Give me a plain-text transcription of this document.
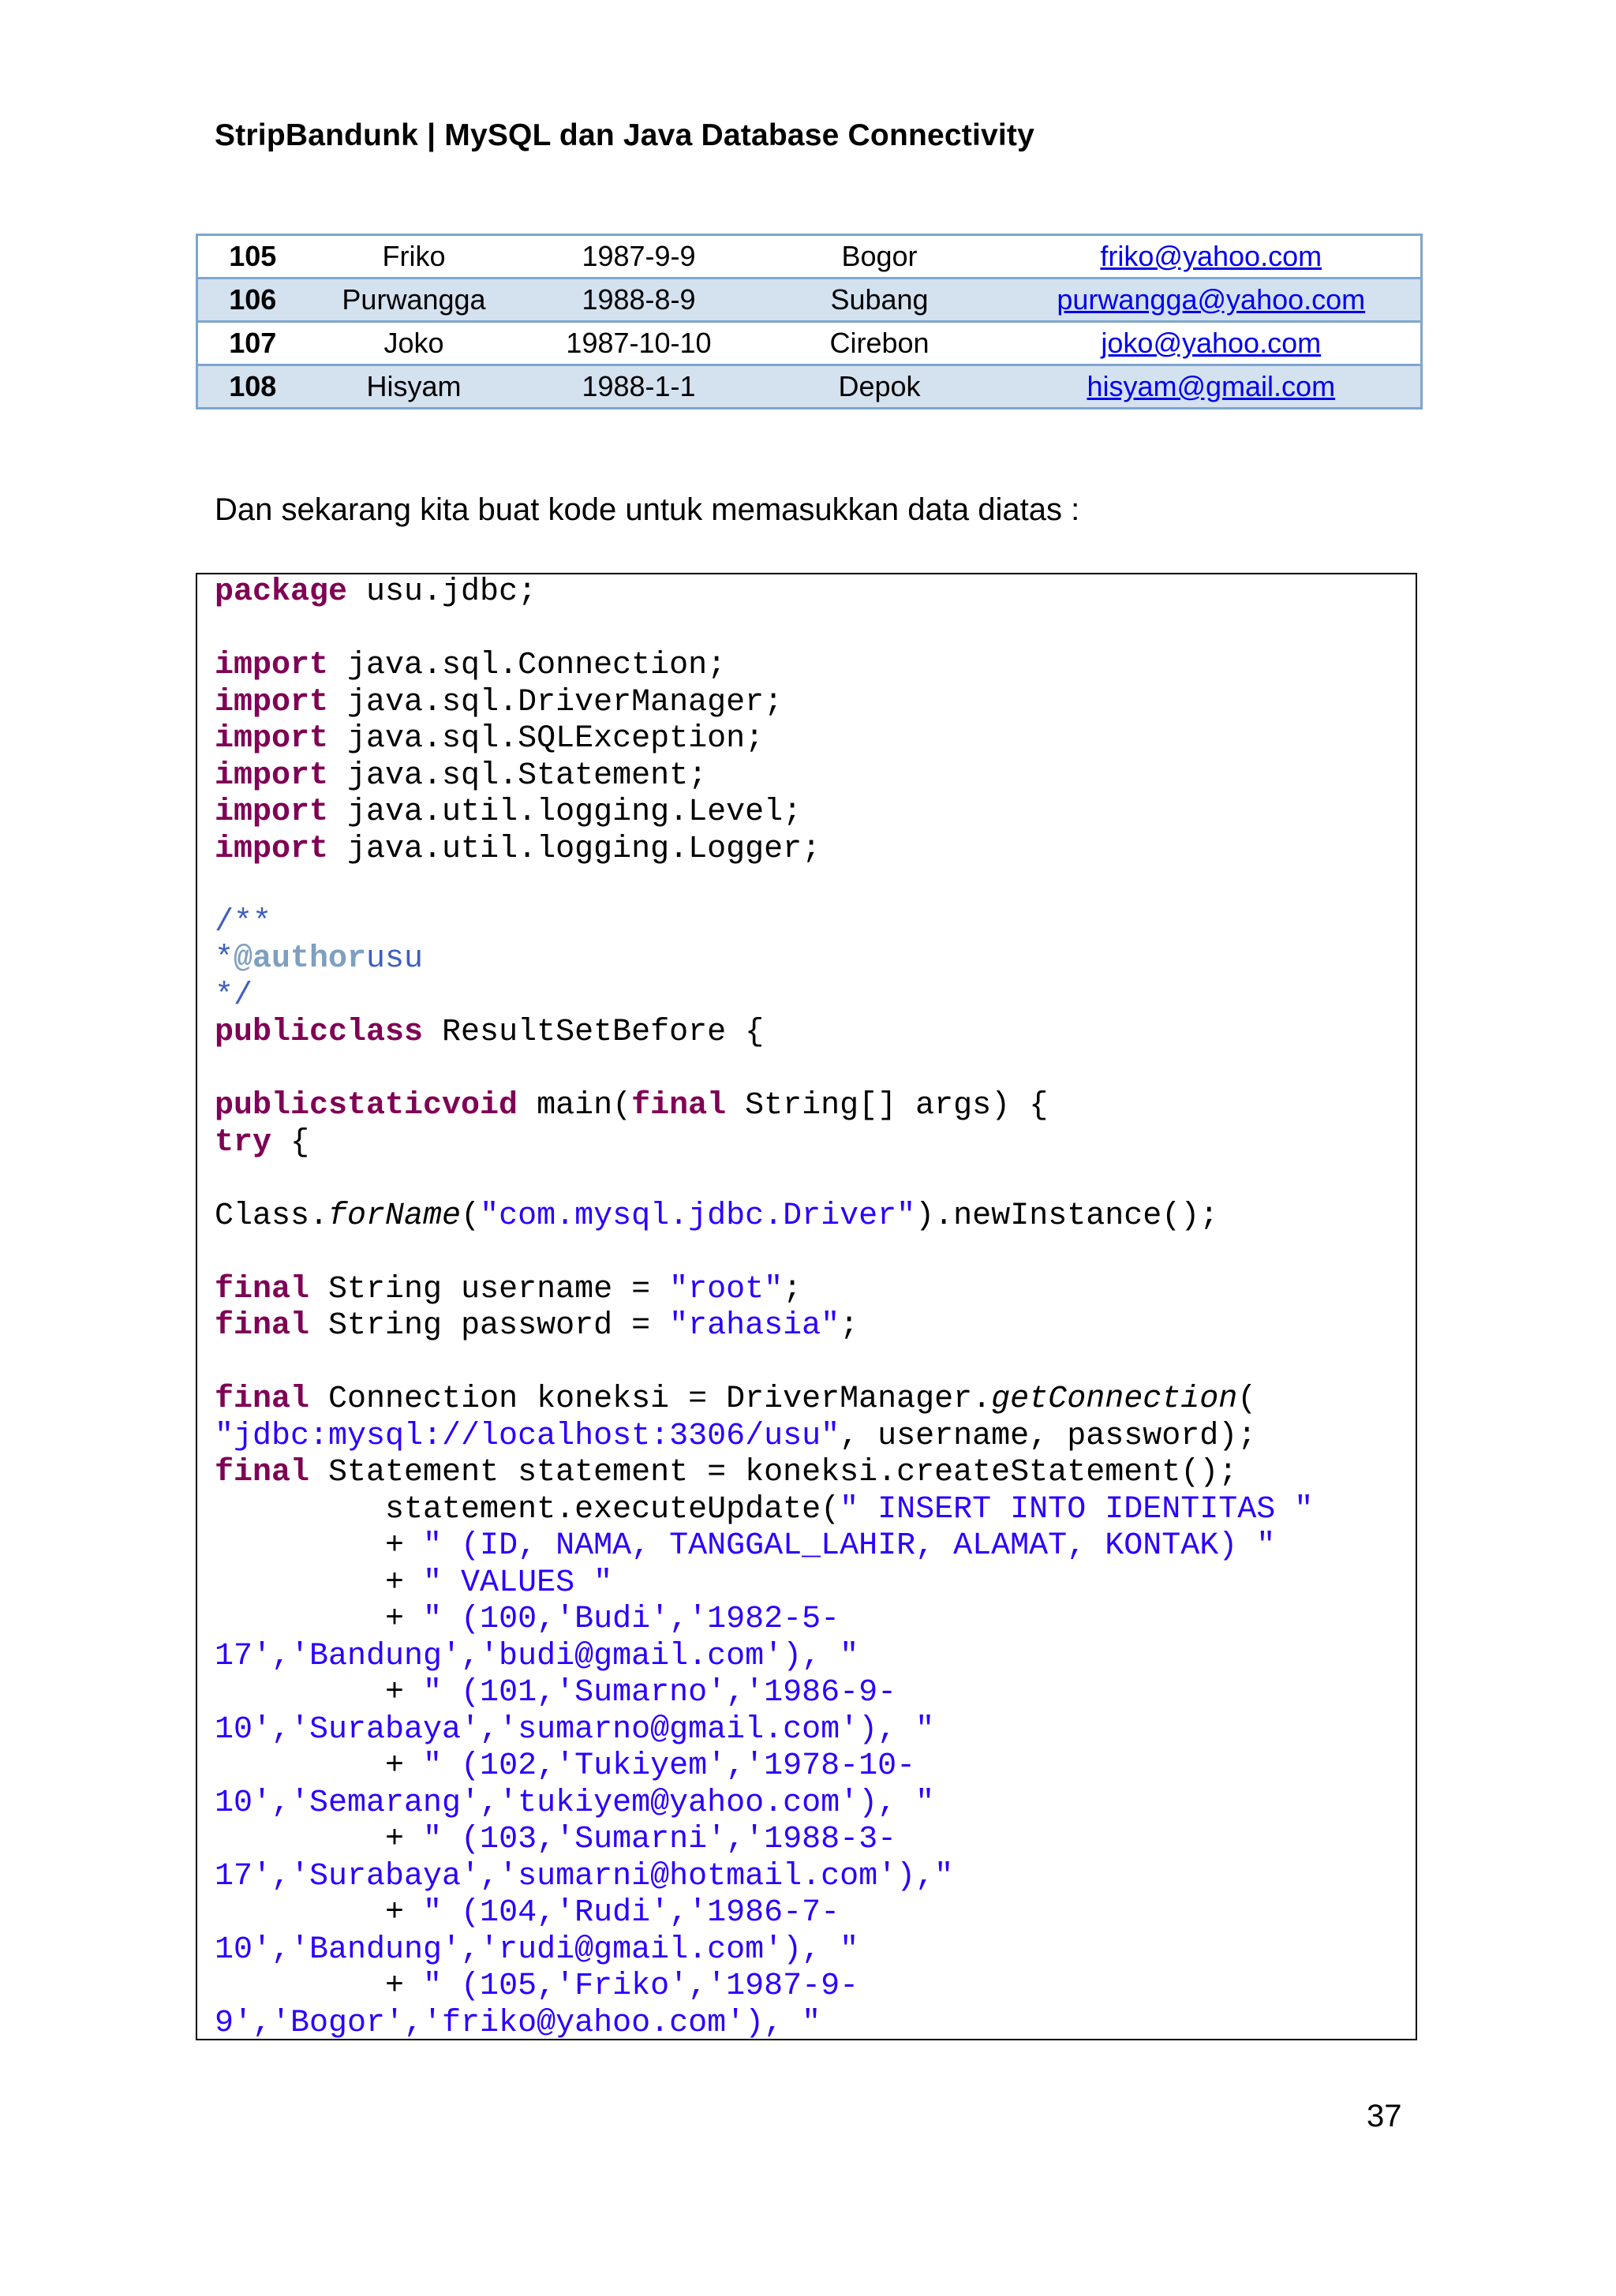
StripBandunk | MySQL dan Java Database Connectivity
105	Friko	1987-9-9	Bogor	friko@yahoo.com
106	Purwangga	1988-8-9	Subang	purwangga@yahoo.com
107	Joko	1987-10-10	Cirebon	joko@yahoo.com
108	Hisyam	1988-1-1	Depok	hisyam@gmail.com
Dan sekarang kita buat kode untuk memasukkan data diatas :
package usu.jdbc;

import java.sql.Connection;
import java.sql.DriverManager;
import java.sql.SQLException;
import java.sql.Statement;
import java.util.logging.Level;
import java.util.logging.Logger;

/**
*@authorusu
*/
publicclass ResultSetBefore {

publicstaticvoid main(final String[] args) {
try {

Class.forName("com.mysql.jdbc.Driver").newInstance();

final String username = "root";
final String password = "rahasia";

final Connection koneksi = DriverManager.getConnection(
"jdbc:mysql://localhost:3306/usu", username, password);
final Statement statement = koneksi.createStatement();
statement.executeUpdate(" INSERT INTO IDENTITAS "
+ " (ID, NAMA, TANGGAL_LAHIR, ALAMAT, KONTAK) "
+ " VALUES "
+ " (100,'Budi','1982-5-
17','Bandung','budi@gmail.com'), "
+ " (101,'Sumarno','1986-9-
10','Surabaya','sumarno@gmail.com'), "
+ " (102,'Tukiyem','1978-10-
10','Semarang','tukiyem@yahoo.com'), "
+ " (103,'Sumarni','1988-3-
17','Surabaya','sumarni@hotmail.com'),"
+ " (104,'Rudi','1986-7-
10','Bandung','rudi@gmail.com'), "
+ " (105,'Friko','1987-9-
9','Bogor','friko@yahoo.com'), "
37
